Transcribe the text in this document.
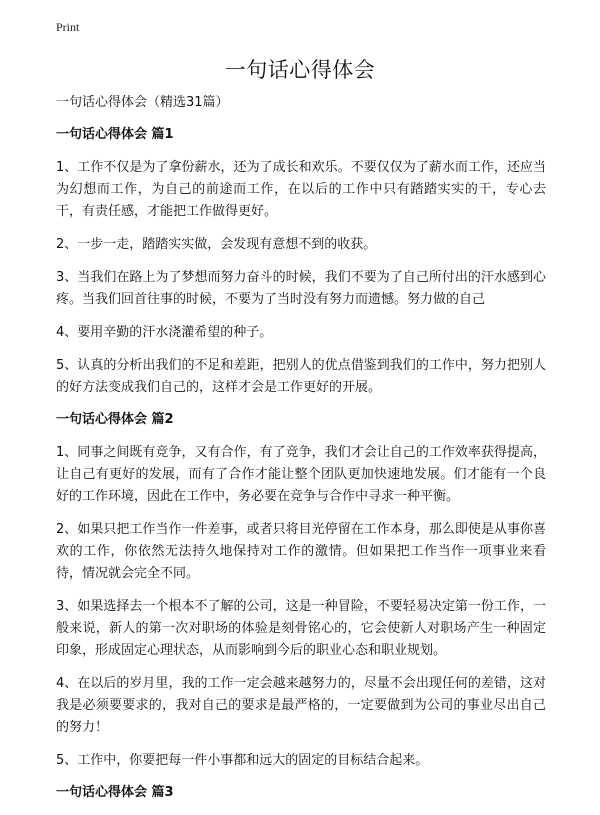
Print
一句话心得体会
一句话心得体会（精选31篇）
一句话心得体会 篇1

1、工作不仅是为了拿份薪水，还为了成长和欢乐。不要仅仅为了薪水而工作，还应当为幻想而工作，为自己的前途而工作，在以后的工作中只有踏踏实实的干，专心去干，有责任感，才能把工作做得更好。

2、一步一走，踏踏实实做，会发现有意想不到的收获。

3、当我们在路上为了梦想而努力奋斗的时候，我们不要为了自己所付出的汗水感到心疼。当我们回首往事的时候，不要为了当时没有努力而遗憾。努力做的自己

4、要用辛勤的汗水浇灌希望的种子。

5、认真的分析出我们的不足和差距，把别人的优点借鉴到我们的工作中，努力把别人的好方法变成我们自己的，这样才会是工作更好的开展。

一句话心得体会 篇2

1、同事之间既有竞争，又有合作，有了竞争，我们才会让自己的工作效率获得提高，让自己有更好的发展，而有了合作才能让整个团队更加快速地发展。们才能有一个良好的工作环境，因此在工作中，务必要在竞争与合作中寻求一种平衡。

2、如果只把工作当作一件差事，或者只将目光停留在工作本身，那么即使是从事你喜欢的工作，你依然无法持久地保持对工作的激情。但如果把工作当作一项事业来看待，情况就会完全不同。

3、如果选择去一个根本不了解的公司，这是一种冒险，不要轻易决定第一份工作，一般来说，新人的第一次对职场的体验是刻骨铭心的，它会使新人对职场产生一种固定印象，形成固定心理状态，从而影响到今后的职业心态和职业规划。

4、在以后的岁月里，我的工作一定会越来越努力的，尽量不会出现任何的差错，这对我是必须要要求的，我对自己的要求是最严格的，一定要做到为公司的事业尽出自己的努力！

5、工作中，你要把每一件小事都和远大的固定的目标结合起来。

一句话心得体会 篇3
